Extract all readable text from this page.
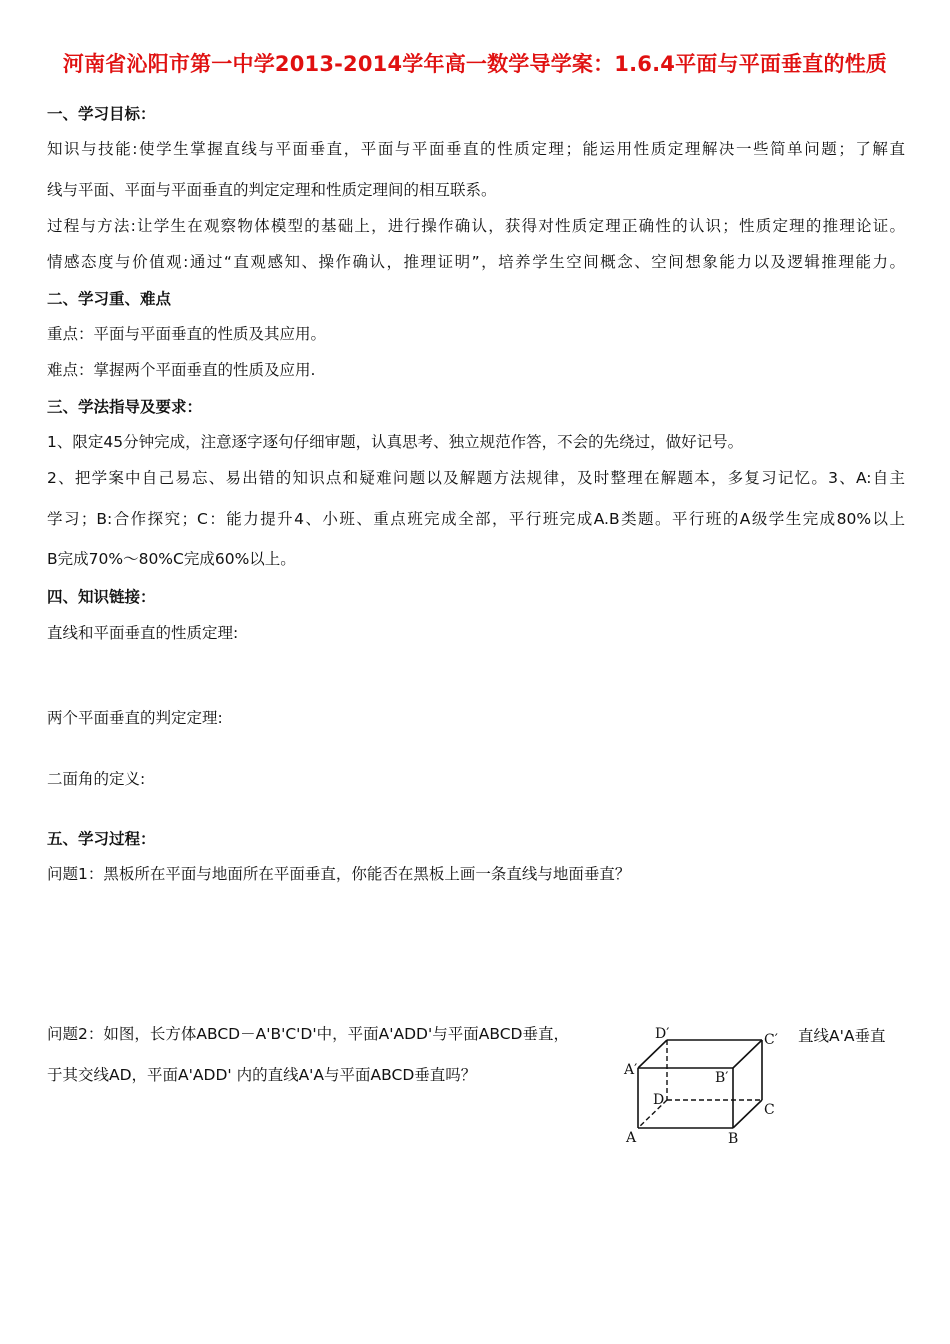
河南省沁阳市第一中学2013-2014学年高一数学导学案：1.6.4平面与平面垂直的性质
一、学习目标：
知识与技能:使学生掌握直线与平面垂直，平面与平面垂直的性质定理；能运用性质定理解决一些简单问题；了解直
线与平面、平面与平面垂直的判定定理和性质定理间的相互联系。
过程与方法:让学生在观察物体模型的基础上，进行操作确认，获得对性质定理正确性的认识；性质定理的推理论证。
情感态度与价值观:通过“直观感知、操作确认，推理证明”，培养学生空间概念、空间想象能力以及逻辑推理能力。
二、学习重、难点
重点：平面与平面垂直的性质及其应用。
难点：掌握两个平面垂直的性质及应用.
三、学法指导及要求：
1、限定45分钟完成，注意逐字逐句仔细审题，认真思考、独立规范作答，不会的先绕过，做好记号。
2、把学案中自己易忘、易出错的知识点和疑难问题以及解题方法规律，及时整理在解题本，多复习记忆。3、A:自主
学习；B:合作探究；C：能力提升4、小班、重点班完成全部，平行班完成A.B类题。平行班的A级学生完成80%以上
B完成70%～80%C完成60%以上。
四、知识链接：
直线和平面垂直的性质定理:
两个平面垂直的判定定理:
二面角的定义:
五、学习过程：
问题1：黑板所在平面与地面所在平面垂直，你能否在黑板上画一条直线与地面垂直？
问题2：如图，长方体ABCD－A'B'C'D'中，平面A'ADD'与平面ABCD垂直，	直线A'A垂直
于其交线AD，平面A'ADD' 内的直线A'A与平面ABCD垂直吗？
D′	C′
A′	B′
D
C
A	B
